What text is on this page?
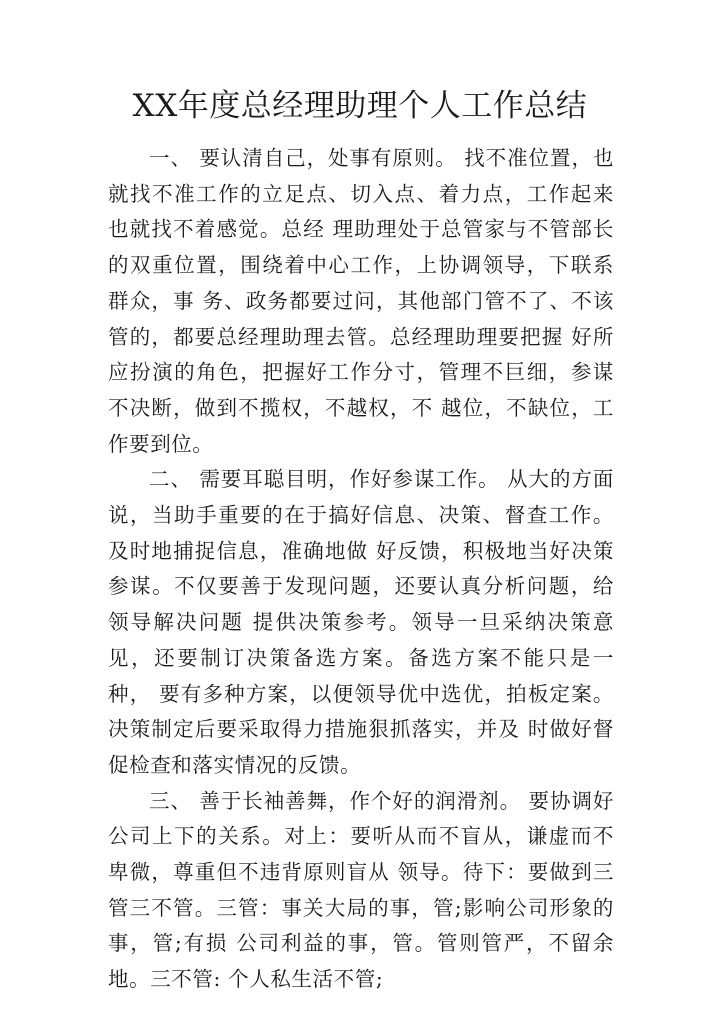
XX年度总经理助理个人工作总结

一、 要认清自己，处事有原则。 找不准位置，也就找不准工作的立足点、切入点、着力点，工作起来也就找不着感觉。总经 理助理处于总管家与不管部长的双重位置，围绕着中心工作，上协调领导，下联系群众，事 务、政务都要过问，其他部门管不了、不该管的，都要总经理助理去管。总经理助理要把握 好所应扮演的角色，把握好工作分寸，管理不巨细，参谋不决断，做到不揽权，不越权，不 越位，不缺位，工作要到位。

二、 需要耳聪目明，作好参谋工作。 从大的方面说，当助手重要的在于搞好信息、决策、督查工作。及时地捕捉信息，准确地做 好反馈，积极地当好决策参谋。不仅要善于发现问题，还要认真分析问题，给领导解决问题 提供决策参考。领导一旦采纳决策意见，还要制订决策备选方案。备选方案不能只是一种， 要有多种方案，以便领导优中选优，拍板定案。决策制定后要采取得力措施狠抓落实，并及 时做好督促检查和落实情况的反馈。

三、 善于长袖善舞，作个好的润滑剂。 要协调好公司上下的关系。对上：要听从而不盲从，谦虚而不卑微，尊重但不违背原则盲从 领导。待下：要做到三管三不管。三管：事关大局的事，管;影响公司形象的事，管;有损 公司利益的事，管。管则管严，不留余地。三不管: 个人私生活不管;
